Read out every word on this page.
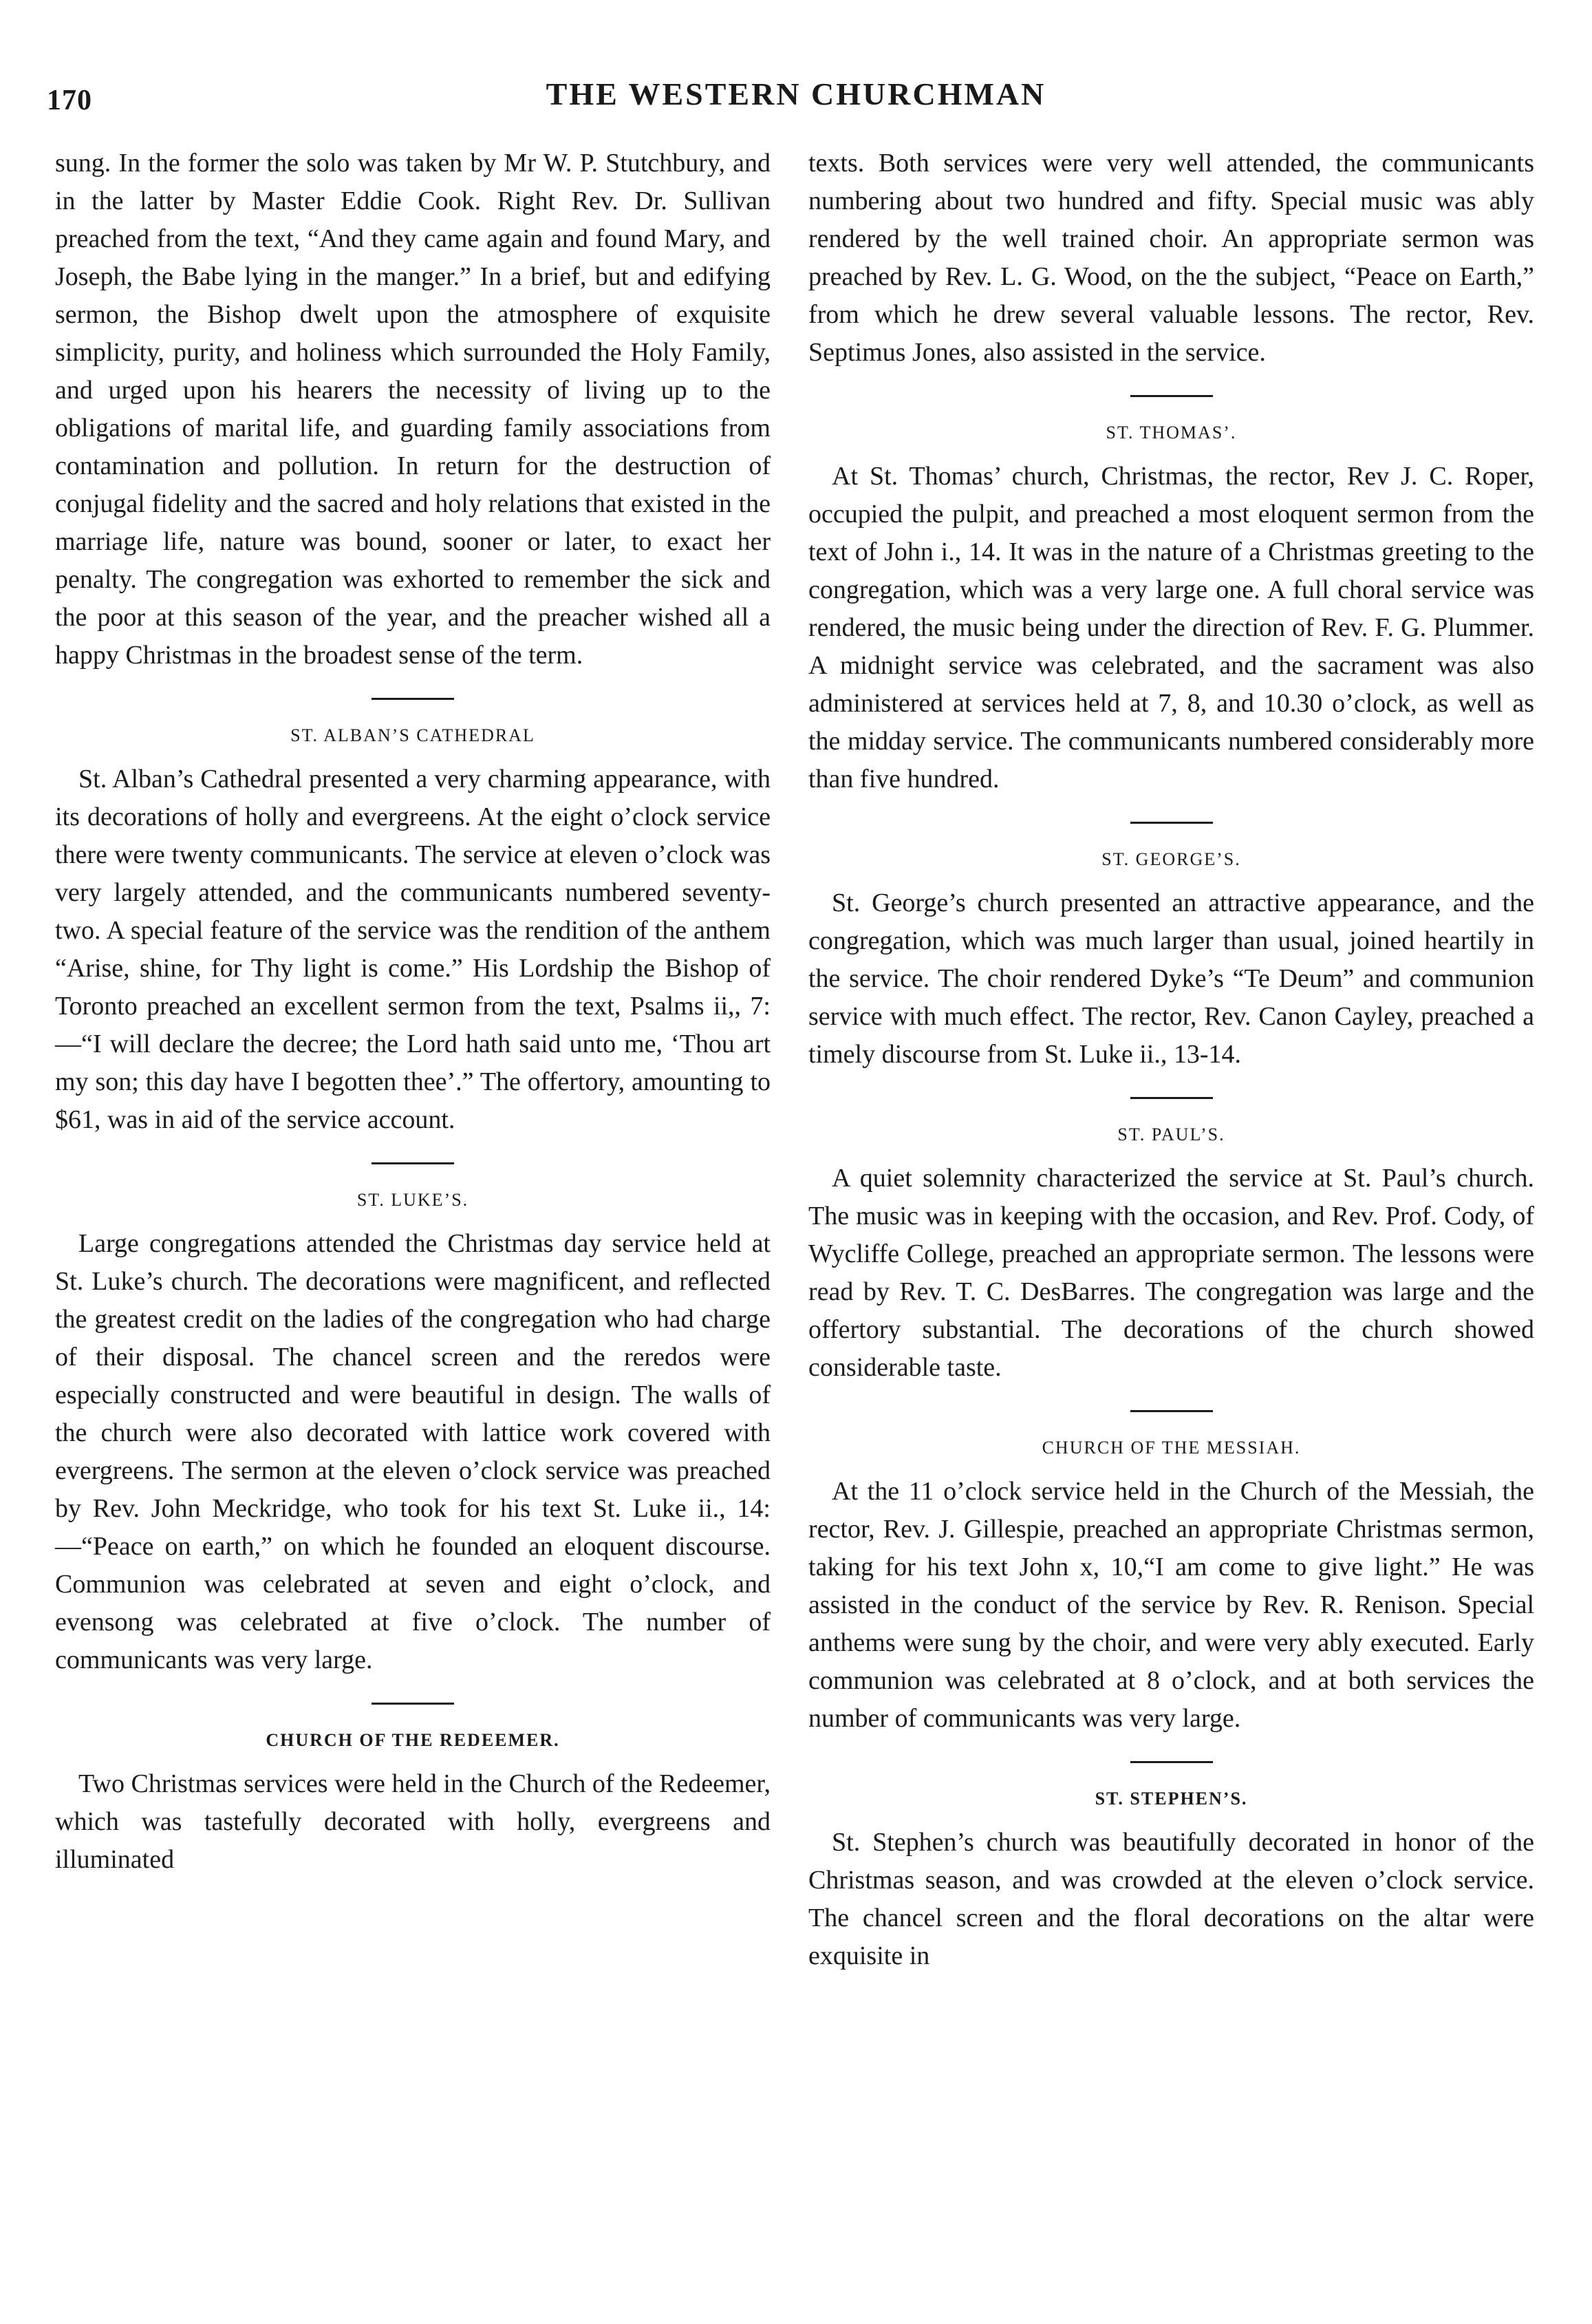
170	THE WESTERN CHURCHMAN

sung. In the former the solo was taken by Mr W. P. Stutchbury, and in the latter by Master Eddie Cook. Right Rev. Dr. Sullivan preached from the text, “And they came again and found Mary, and Joseph, the Babe lying in the manger.” In a brief, but and edifying sermon, the Bishop dwelt upon the atmosphere of exquisite simplicity, purity, and holiness which surrounded the Holy Family, and urged upon his hearers the necessity of living up to the obligations of marital life, and guarding family associations from contamination and pollution. In return for the destruction of conjugal fidelity and the sacred and holy relations that existed in the marriage life, nature was bound, sooner or later, to exact her penalty. The congregation was exhorted to remember the sick and the poor at this season of the year, and the preacher wished all a happy Christmas in the broadest sense of the term.

ST. ALBAN’S CATHEDRAL

St. Alban’s Cathedral presented a very charming appearance, with its decorations of holly and evergreens. At the eight o’clock service there were twenty communicants. The service at eleven o’clock was very largely attended, and the communicants numbered seventy-two. A special feature of the service was the rendition of the anthem “Arise, shine, for Thy light is come.” His Lordship the Bishop of Toronto preached an excellent sermon from the text, Psalms ii,, 7:—“I will declare the decree; the Lord hath said unto me, ‘Thou art my son; this day have I begotten thee’.” The offertory, amounting to $61, was in aid of the service account.

ST. LUKE’S.

Large congregations attended the Christmas day service held at St. Luke’s church. The decorations were magnificent, and reflected the greatest credit on the ladies of the congregation who had charge of their disposal. The chancel screen and the reredos were especially constructed and were beautiful in design. The walls of the church were also decorated with lattice work covered with evergreens. The sermon at the eleven o’clock service was preached by Rev. John Meckridge, who took for his text St. Luke ii., 14:—“Peace on earth,” on which he founded an eloquent discourse. Communion was celebrated at seven and eight o’clock, and evensong was celebrated at five o’clock. The number of communicants was very large.

CHURCH OF THE REDEEMER.

Two Christmas services were held in the Church of the Redeemer, which was tastefully decorated with holly, evergreens and illuminated

texts. Both services were very well attended, the communicants numbering about two hundred and fifty. Special music was ably rendered by the well trained choir. An appropriate sermon was preached by Rev. L. G. Wood, on the the subject, “Peace on Earth,” from which he drew several valuable lessons. The rector, Rev. Septimus Jones, also assisted in the service.

ST. THOMAS’.

At St. Thomas’ church, Christmas, the rector, Rev J. C. Roper, occupied the pulpit, and preached a most eloquent sermon from the text of John i., 14. It was in the nature of a Christmas greeting to the congregation, which was a very large one. A full choral service was rendered, the music being under the direction of Rev. F. G. Plummer. A midnight service was celebrated, and the sacrament was also administered at services held at 7, 8, and 10.30 o’clock, as well as the midday service. The communicants numbered considerably more than five hundred.

ST. GEORGE’S.

St. George’s church presented an attractive appearance, and the congregation, which was much larger than usual, joined heartily in the service. The choir rendered Dyke’s “Te Deum” and communion service with much effect. The rector, Rev. Canon Cayley, preached a timely discourse from St. Luke ii., 13-14.

ST. PAUL’S.

A quiet solemnity characterized the service at St. Paul’s church. The music was in keeping with the occasion, and Rev. Prof. Cody, of Wycliffe College, preached an appropriate sermon. The lessons were read by Rev. T. C. DesBarres. The congregation was large and the offertory substantial. The decorations of the church showed considerable taste.

CHURCH OF THE MESSIAH.

At the 11 o’clock service held in the Church of the Messiah, the rector, Rev. J. Gillespie, preached an appropriate Christmas sermon, taking for his text John x, 10,“I am come to give light.” He was assisted in the conduct of the service by Rev. R. Renison. Special anthems were sung by the choir, and were very ably executed. Early communion was celebrated at 8 o’clock, and at both services the number of communicants was very large.

ST. STEPHEN’S.

St. Stephen’s church was beautifully decorated in honor of the Christmas season, and was crowded at the eleven o’clock service. The chancel screen and the floral decorations on the altar were exquisite in
